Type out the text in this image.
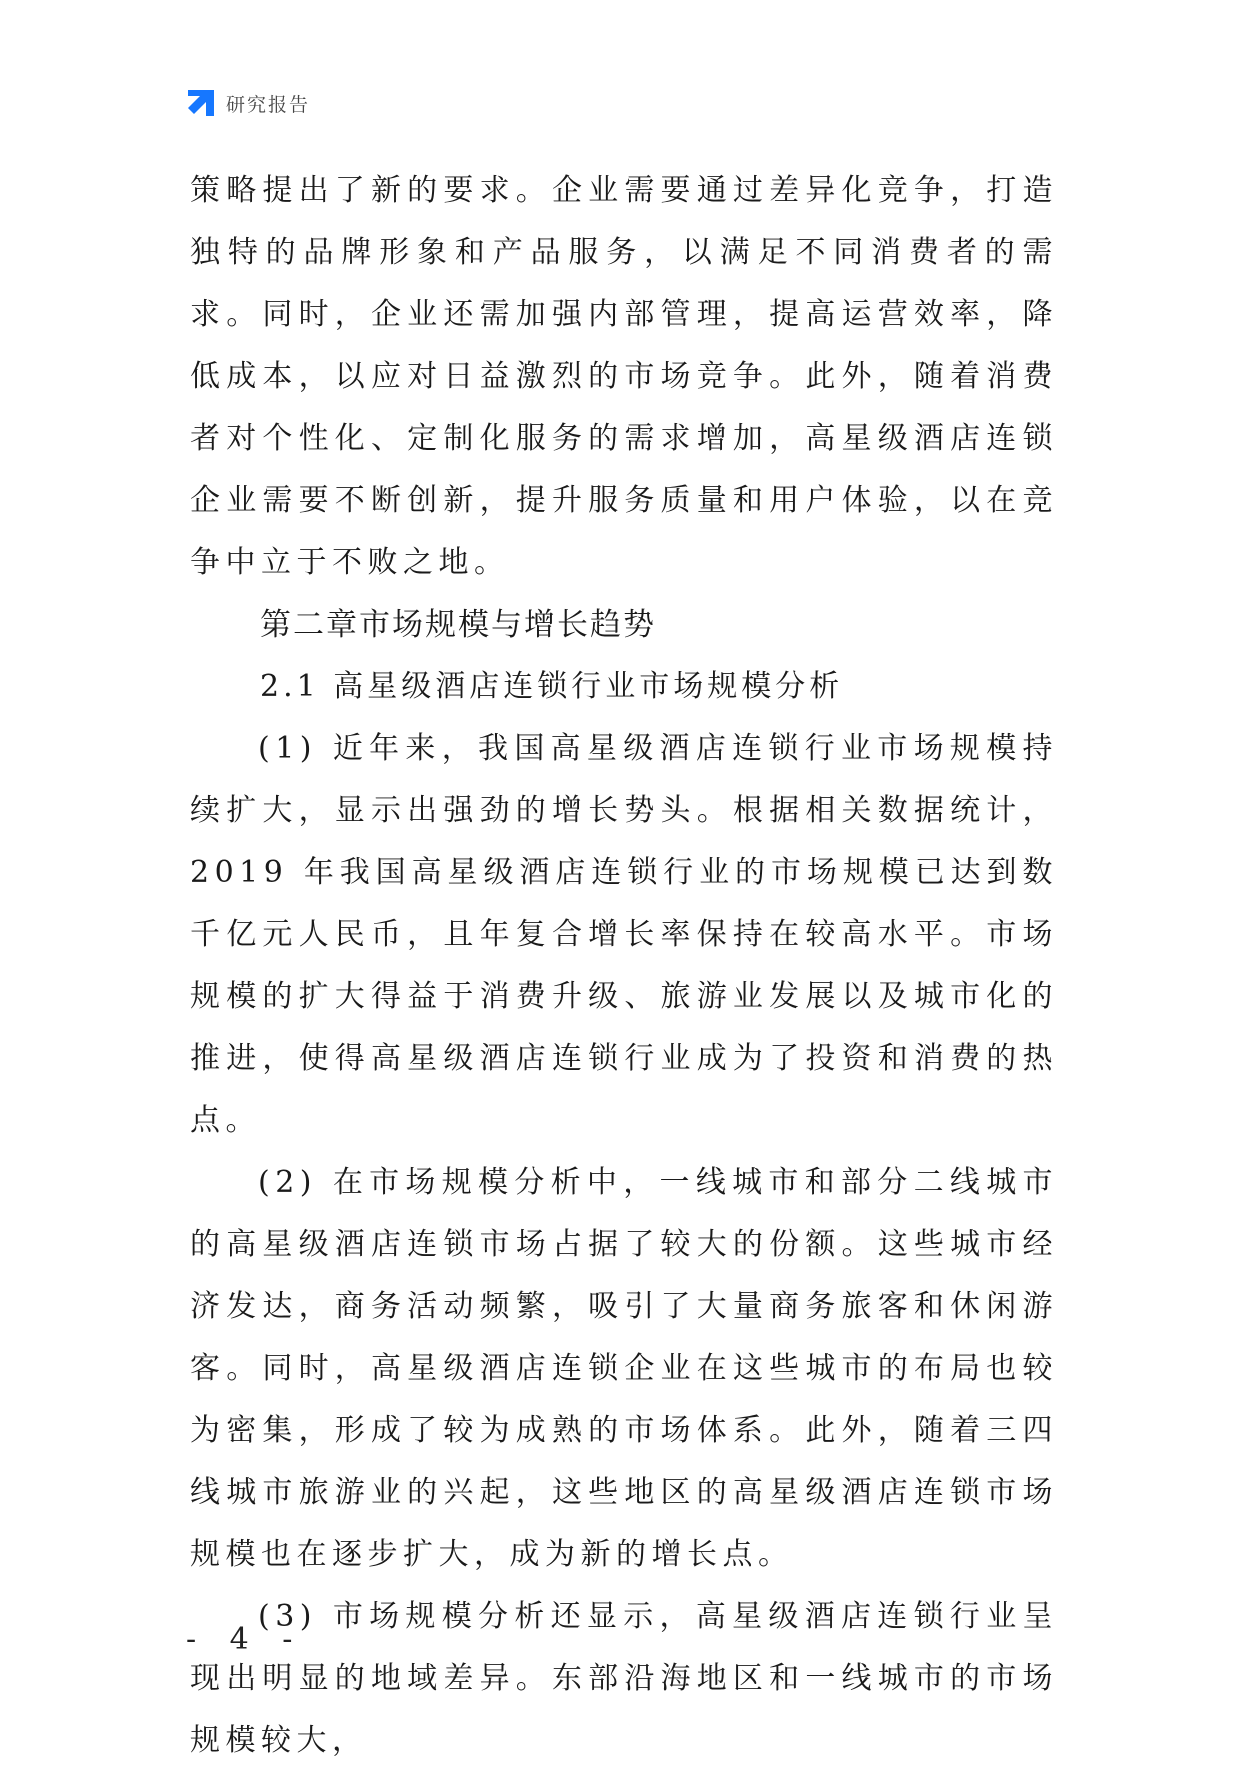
研究报告

策略提出了新的要求。企业需要通过差异化竞争，打造独特的品牌形象和产品服务，以满足不同消费者的需求。同时，企业还需加强内部管理，提高运营效率，降低成本，以应对日益激烈的市场竞争。此外，随着消费者对个性化、定制化服务的需求增加，高星级酒店连锁企业需要不断创新，提升服务质量和用户体验，以在竞争中立于不败之地。

第二章市场规模与增长趋势
2.1 高星级酒店连锁行业市场规模分析

(1) 近年来，我国高星级酒店连锁行业市场规模持续扩大，显示出强劲的增长势头。根据相关数据统计，2019 年我国高星级酒店连锁行业的市场规模已达到数千亿元人民币，且年复合增长率保持在较高水平。市场规模的扩大得益于消费升级、旅游业发展以及城市化的推进，使得高星级酒店连锁行业成为了投资和消费的热点。

(2) 在市场规模分析中，一线城市和部分二线城市的高星级酒店连锁市场占据了较大的份额。这些城市经济发达，商务活动频繁，吸引了大量商务旅客和休闲游客。同时，高星级酒店连锁企业在这些城市的布局也较为密集，形成了较为成熟的市场体系。此外，随着三四线城市旅游业的兴起，这些地区的高星级酒店连锁市场规模也在逐步扩大，成为新的增长点。

(3) 市场规模分析还显示，高星级酒店连锁行业呈现出明显的地域差异。东部沿海地区和一线城市的市场规模较大，

- 4 -
